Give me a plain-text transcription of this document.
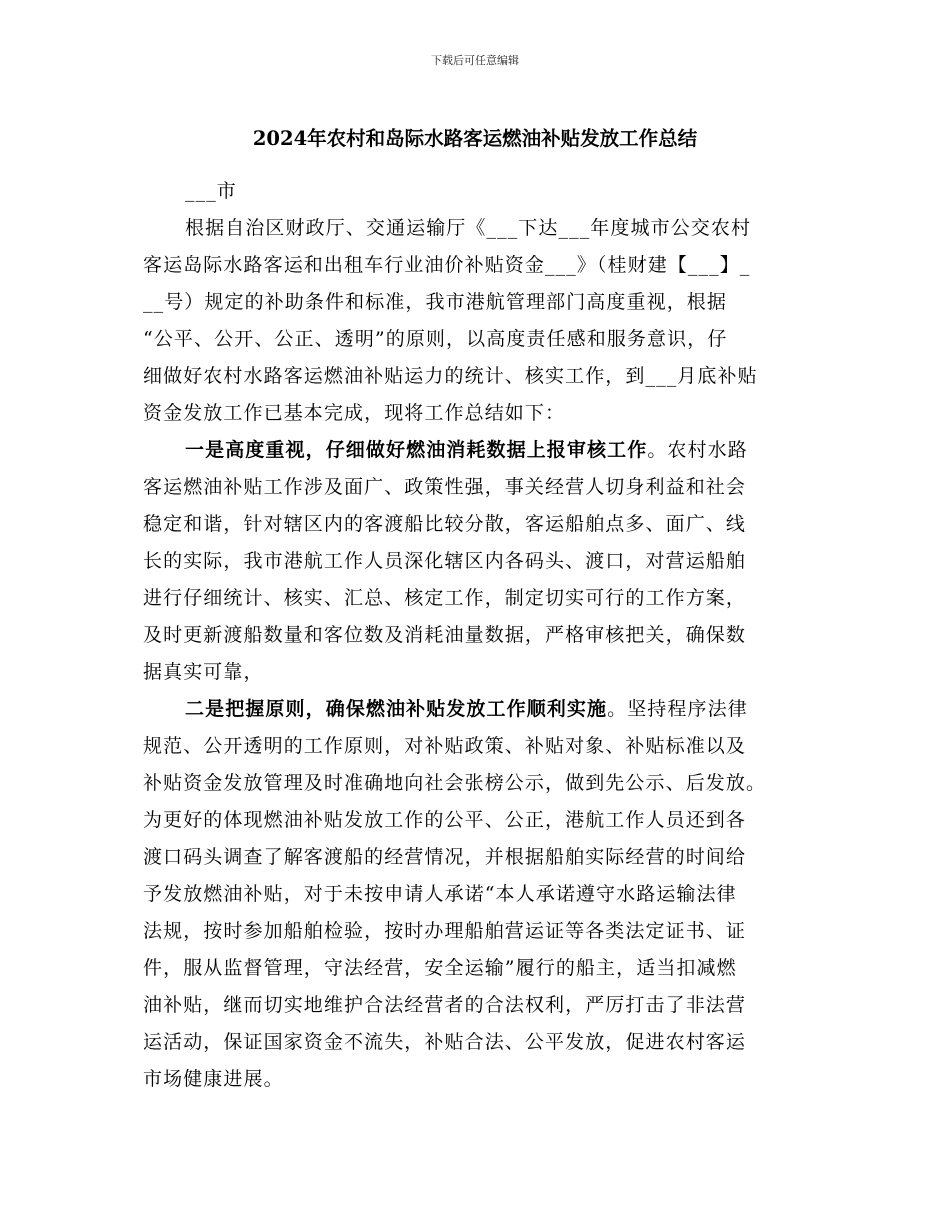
下载后可任意编辑
2024年农村和岛际水路客运燃油补贴发放工作总结
___市
根据自治区财政厅、交通运输厅《___下达___年度城市公交农村
客运岛际水路客运和出租车行业油价补贴资金___》（桂财建【___】_
__号）规定的补助条件和标准，我市港航管理部门高度重视，根据
“公平、公开、公正、透明”的原则，以高度责任感和服务意识，仔
细做好农村水路客运燃油补贴运力的统计、核实工作，到___月底补贴
资金发放工作已基本完成，现将工作总结如下：
一是高度重视，仔细做好燃油消耗数据上报审核工作。农村水路
客运燃油补贴工作涉及面广、政策性强，事关经营人切身利益和社会
稳定和谐，针对辖区内的客渡船比较分散，客运船舶点多、面广、线
长的实际，我市港航工作人员深化辖区内各码头、渡口，对营运船舶
进行仔细统计、核实、汇总、核定工作，制定切实可行的工作方案，
及时更新渡船数量和客位数及消耗油量数据，严格审核把关，确保数
据真实可靠，
二是把握原则，确保燃油补贴发放工作顺利实施。坚持程序法律
规范、公开透明的工作原则，对补贴政策、补贴对象、补贴标准以及
补贴资金发放管理及时准确地向社会张榜公示，做到先公示、后发放。
为更好的体现燃油补贴发放工作的公平、公正，港航工作人员还到各
渡口码头调查了解客渡船的经营情况，并根据船舶实际经营的时间给
予发放燃油补贴，对于未按申请人承诺“本人承诺遵守水路运输法律
法规，按时参加船舶检验，按时办理船舶营运证等各类法定证书、证
件，服从监督管理，守法经营，安全运输”履行的船主，适当扣减燃
油补贴，继而切实地维护合法经营者的合法权利，严厉打击了非法营
运活动，保证国家资金不流失，补贴合法、公平发放，促进农村客运
市场健康进展。
